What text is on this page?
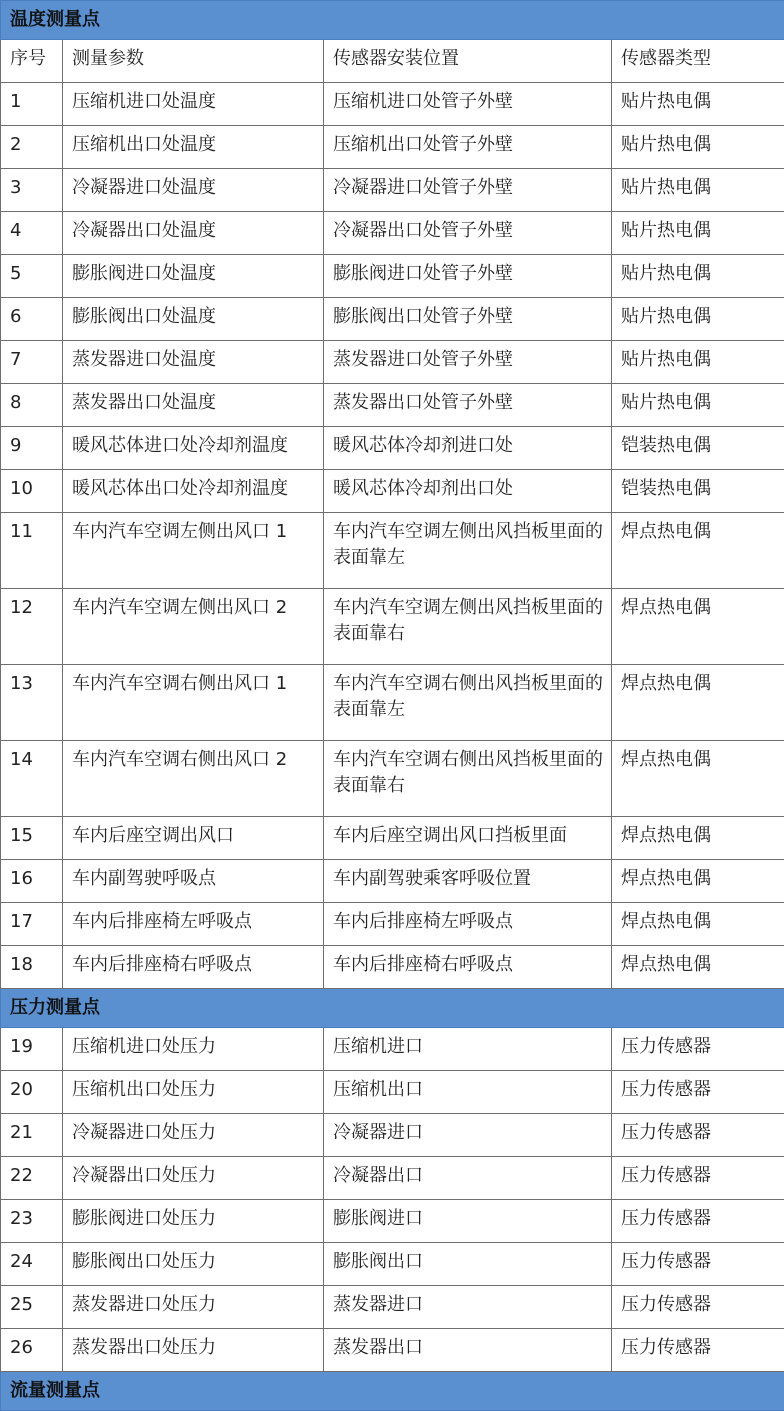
温度测量点			
序号	测量参数	传感器安装位置	传感器类型
1	压缩机进口处温度	压缩机进口处管子外壁	贴片热电偶
2	压缩机出口处温度	压缩机出口处管子外壁	贴片热电偶
3	冷凝器进口处温度	冷凝器进口处管子外壁	贴片热电偶
4	冷凝器出口处温度	冷凝器出口处管子外壁	贴片热电偶
5	膨胀阀进口处温度	膨胀阀进口处管子外壁	贴片热电偶
6	膨胀阀出口处温度	膨胀阀出口处管子外壁	贴片热电偶
7	蒸发器进口处温度	蒸发器进口处管子外壁	贴片热电偶
8	蒸发器出口处温度	蒸发器出口处管子外壁	贴片热电偶
9	暖风芯体进口处冷却剂温度	暖风芯体冷却剂进口处	铠装热电偶
10	暖风芯体出口处冷却剂温度	暖风芯体冷却剂出口处	铠装热电偶
11	车内汽车空调左侧出风口 1	车内汽车空调左侧出风挡板里面的表面靠左	焊点热电偶
12	车内汽车空调左侧出风口 2	车内汽车空调左侧出风挡板里面的表面靠右	焊点热电偶
13	车内汽车空调右侧出风口 1	车内汽车空调右侧出风挡板里面的表面靠左	焊点热电偶
14	车内汽车空调右侧出风口 2	车内汽车空调右侧出风挡板里面的表面靠右	焊点热电偶
15	车内后座空调出风口	车内后座空调出风口挡板里面	焊点热电偶
16	车内副驾驶呼吸点	车内副驾驶乘客呼吸位置	焊点热电偶
17	车内后排座椅左呼吸点	车内后排座椅左呼吸点	焊点热电偶
18	车内后排座椅右呼吸点	车内后排座椅右呼吸点	焊点热电偶
压力测量点			
19	压缩机进口处压力	压缩机进口	压力传感器
20	压缩机出口处压力	压缩机出口	压力传感器
21	冷凝器进口处压力	冷凝器进口	压力传感器
22	冷凝器出口处压力	冷凝器出口	压力传感器
23	膨胀阀进口处压力	膨胀阀进口	压力传感器
24	膨胀阀出口处压力	膨胀阀出口	压力传感器
25	蒸发器进口处压力	蒸发器进口	压力传感器
26	蒸发器出口处压力	蒸发器出口	压力传感器
流量测量点			
